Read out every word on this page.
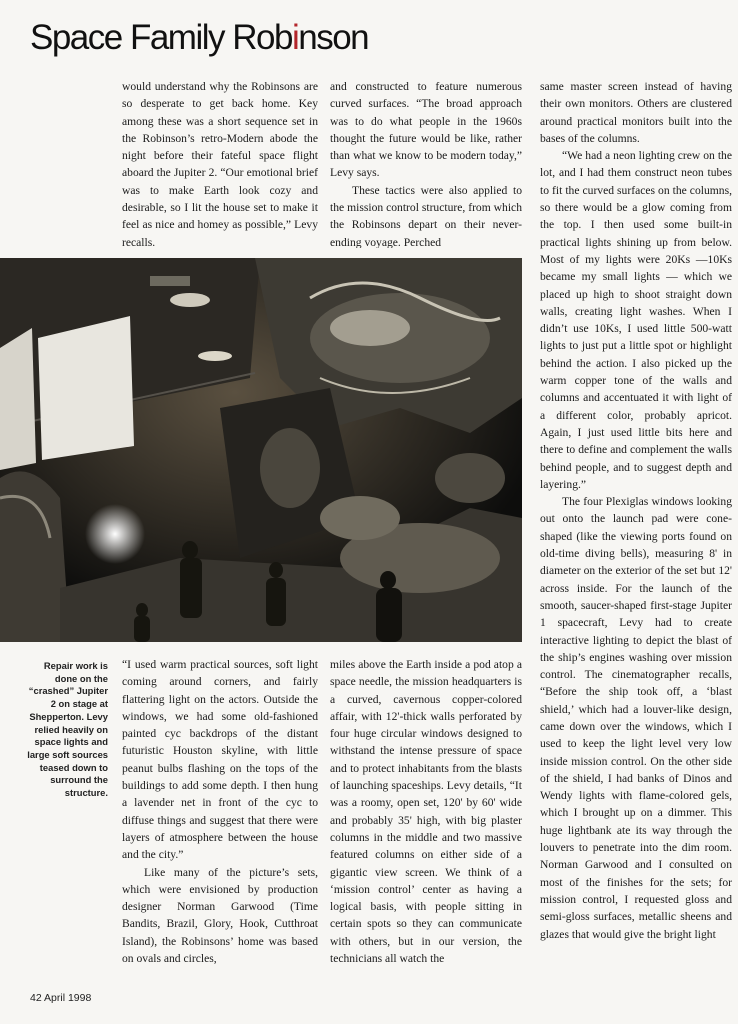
Space Family Robinson

would understand why the Robinsons are so desperate to get back home. Key among these was a short sequence set in the Robinson’s retro-Modern abode the night before their fateful space flight aboard the Jupiter 2. “Our emotional brief was to make Earth look cozy and desirable, so I lit the house set to make it feel as nice and homey as possible,” Levy recalls.

and constructed to feature numerous curved surfaces. “The broad approach was to do what people in the 1960s thought the future would be like, rather than what we know to be modern today,” Levy says.

These tactics were also applied to the mission control structure, from which the Robinsons depart on their never-ending voyage. Perched

same master screen instead of having their own monitors. Others are clustered around practical monitors built into the bases of the columns.

“We had a neon lighting crew on the lot, and I had them construct neon tubes to fit the curved surfaces on the columns, so there would be a glow coming from the top. I then used some built-in practical lights shining up from below. Most of my lights were 20Ks —10Ks became my small lights — which we placed up high to shoot straight down walls, creating light washes. When I didn’t use 10Ks, I used little 500-watt lights to just put a little spot or highlight behind the action. I also picked up the warm copper tone of the walls and columns and accentuated it with light of a different color, probably apricot. Again, I just used little bits here and there to define and complement the walls behind people, and to suggest depth and layering.”

The four Plexiglas windows looking out onto the launch pad were cone-shaped (like the viewing ports found on old-time diving bells), measuring 8' in diameter on the exterior of the set but 12' across inside. For the launch of the smooth, saucer-shaped first-stage Jupiter 1 spacecraft, Levy had to create interactive lighting to depict the blast of the ship’s engines washing over mission control. The cinematographer recalls, “Before the ship took off, a ‘blast shield,’ which had a louver-like design, came down over the windows, which I used to keep the light level very low inside mission control. On the other side of the shield, I had banks of Dinos and Wendy lights with flame-colored gels, which I brought up on a dimmer. This huge lightbank ate its way through the louvers to penetrate into the dim room. Norman Garwood and I consulted on most of the finishes for the sets; for mission control, I requested gloss and semi-gloss surfaces, metallic sheens and glazes that would give the bright light

Repair work is done on the “crashed” Jupiter 2 on stage at Shepperton. Levy relied heavily on space lights and large soft sources teased down to surround the structure.

“I used warm practical sources, soft light coming around corners, and fairly flattering light on the actors. Outside the windows, we had some old-fashioned painted cyc backdrops of the distant futuristic Houston skyline, with little peanut bulbs flashing on the tops of the buildings to add some depth. I then hung a lavender net in front of the cyc to diffuse things and suggest that there were layers of atmosphere between the house and the city.”

Like many of the picture’s sets, which were envisioned by production designer Norman Garwood (Time Bandits, Brazil, Glory, Hook, Cutthroat Island), the Robinsons’ home was based on ovals and circles,

miles above the Earth inside a pod atop a space needle, the mission headquarters is a curved, cavernous copper-colored affair, with 12'-thick walls perforated by four huge circular windows designed to withstand the intense pressure of space and to protect inhabitants from the blasts of launching spaceships. Levy details, “It was a roomy, open set, 120' by 60' wide and probably 35' high, with big plaster columns in the middle and two massive featured columns on either side of a gigantic view screen. We think of a ‘mission control’ center as having a logical basis, with people sitting in certain spots so they can communicate with others, but in our version, the technicians all watch the

42 April 1998
